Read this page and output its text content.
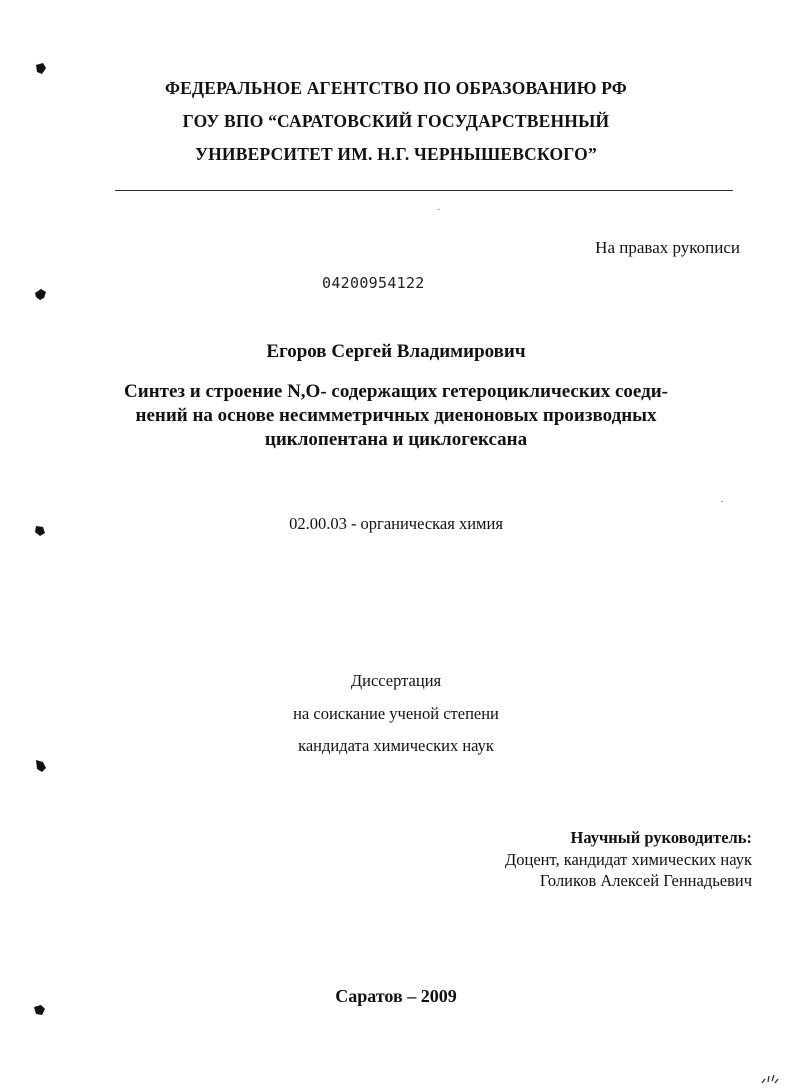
ФЕДЕРАЛЬНОЕ АГЕНТСТВО ПО ОБРАЗОВАНИЮ РФ
ГОУ ВПО “САРАТОВСКИЙ ГОСУДАРСТВЕННЫЙ
УНИВЕРСИТЕТ ИМ. Н.Г. ЧЕРНЫШЕВСКОГО”
·
·
На правах рукописи
04200954122
Егоров Сергей Владимирович
Синтез и строение N,O- содержащих гетероциклических соеди-
нений на основе несимметричных диеноновых производных
циклопентана и циклогексана
02.00.03 - органическая химия
Диссертация
на соискание ученой степени
кандидата химических наук
Научный руководитель:
Доцент, кандидат химических наук
Голиков Алексей Геннадьевич
Саратов – 2009
